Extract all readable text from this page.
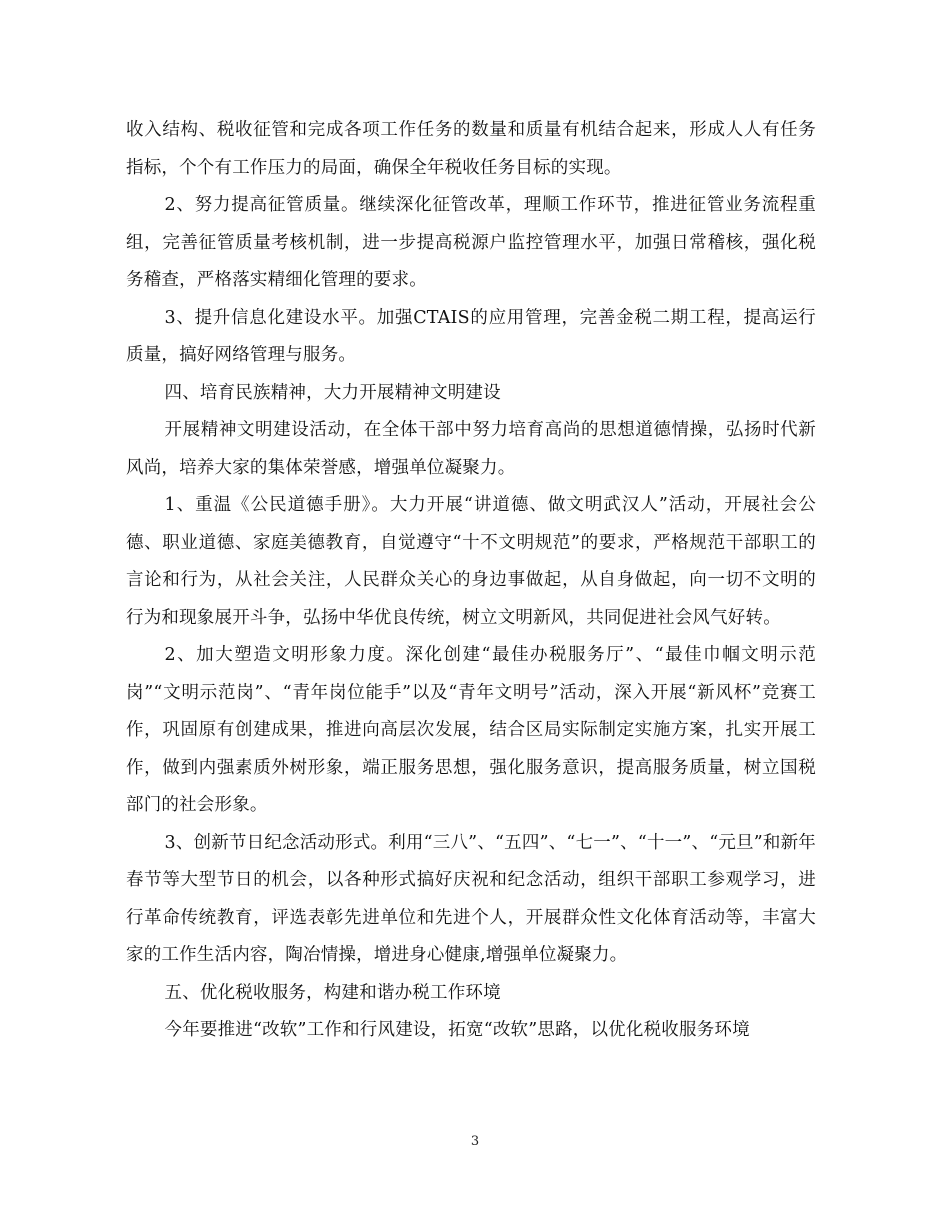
收入结构、税收征管和完成各项工作任务的数量和质量有机结合起来，形成人人有任务指标，个个有工作压力的局面，确保全年税收任务目标的实现。

2、努力提高征管质量。继续深化征管改革，理顺工作环节，推进征管业务流程重组，完善征管质量考核机制，进一步提高税源户监控管理水平，加强日常稽核，强化税务稽查，严格落实精细化管理的要求。

3、提升信息化建设水平。加强CTAIS的应用管理，完善金税二期工程，提高运行质量，搞好网络管理与服务。

四、培育民族精神，大力开展精神文明建设

开展精神文明建设活动，在全体干部中努力培育高尚的思想道德情操，弘扬时代新风尚，培养大家的集体荣誉感，增强单位凝聚力。

1、重温《公民道德手册》。大力开展“讲道德、做文明武汉人”活动，开展社会公德、职业道德、家庭美德教育，自觉遵守“十不文明规范”的要求，严格规范干部职工的言论和行为，从社会关注，人民群众关心的身边事做起，从自身做起，向一切不文明的行为和现象展开斗争，弘扬中华优良传统，树立文明新风，共同促进社会风气好转。

2、加大塑造文明形象力度。深化创建“最佳办税服务厅”、“最佳巾帼文明示范岗”“文明示范岗”、“青年岗位能手”以及“青年文明号”活动，深入开展“新风杯”竞赛工作，巩固原有创建成果，推进向高层次发展，结合区局实际制定实施方案，扎实开展工作，做到内强素质外树形象，端正服务思想，强化服务意识，提高服务质量，树立国税部门的社会形象。

3、创新节日纪念活动形式。利用“三八”、“五四”、“七一”、“十一”、“元旦”和新年春节等大型节日的机会，以各种形式搞好庆祝和纪念活动，组织干部职工参观学习，进行革命传统教育，评选表彰先进单位和先进个人，开展群众性文化体育活动等，丰富大家的工作生活内容，陶冶情操，增进身心健康,增强单位凝聚力。

五、优化税收服务，构建和谐办税工作环境

今年要推进“改软”工作和行风建设，拓宽“改软”思路，以优化税收服务环境

3
